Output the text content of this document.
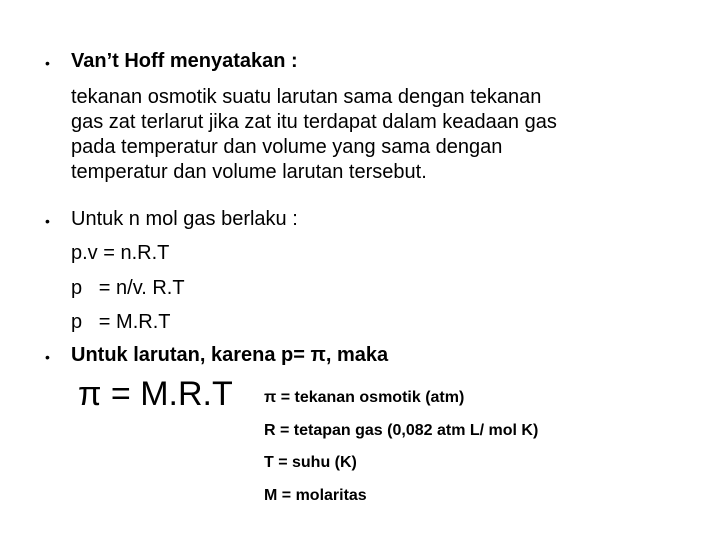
• Van’t Hoff menyatakan :
tekanan osmotik suatu larutan sama dengan tekanan
gas zat terlarut jika zat itu terdapat dalam keadaan gas
pada temperatur dan volume yang sama dengan
temperatur dan volume larutan tersebut.
• Untuk n mol gas berlaku :
p.v = n.R.T
p   = n/v. R.T
p   = M.R.T
• Untuk larutan, karena p= π, maka
π = M.R.T π = tekanan osmotik (atm)
R = tetapan gas (0,082 atm L/ mol K)
T = suhu (K)
M = molaritas
